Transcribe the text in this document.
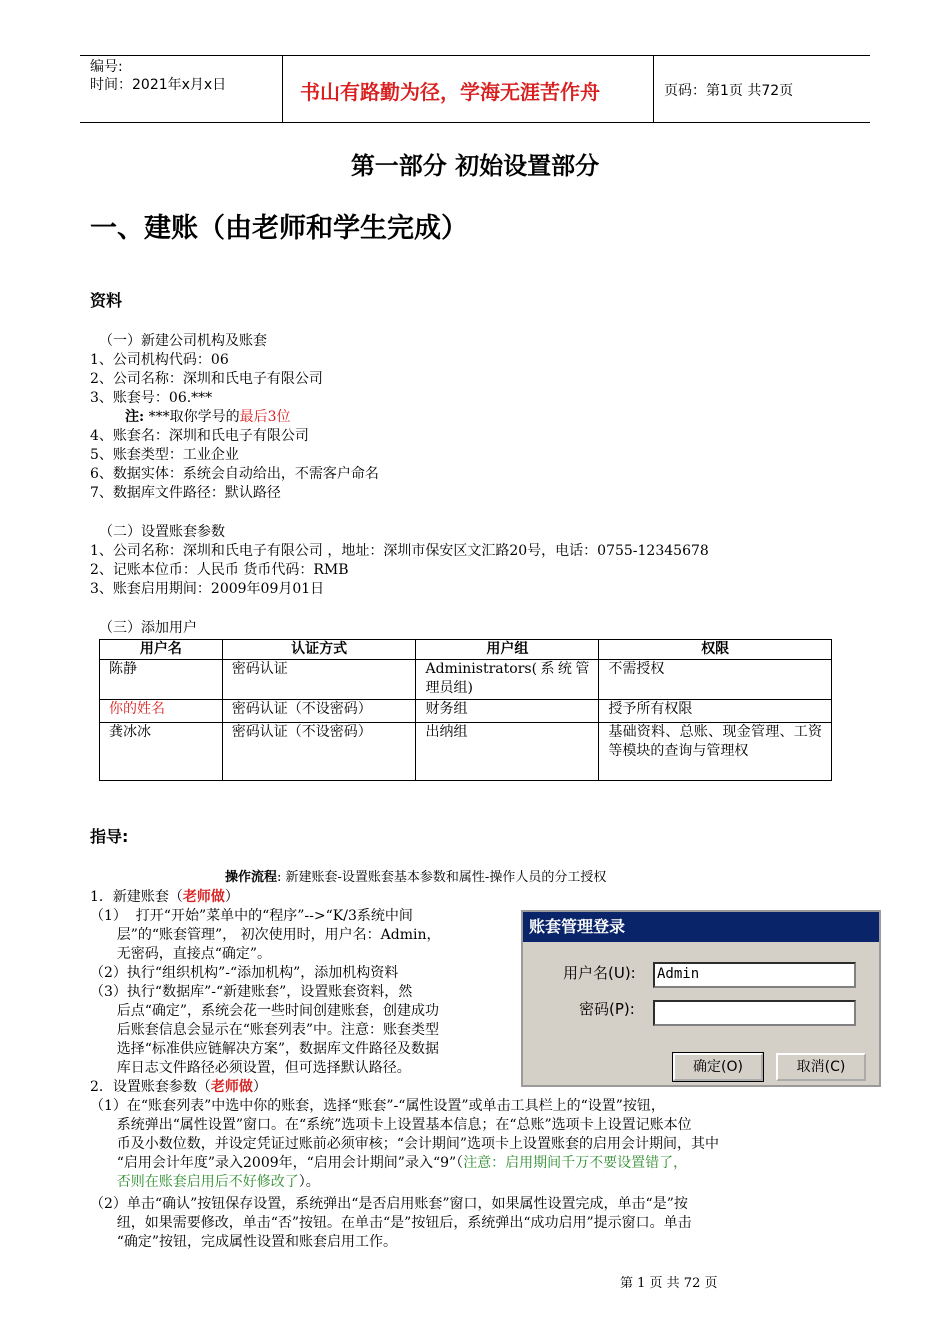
编号:
时间：2021年x月x日	书山有路勤为径，学海无涯苦作舟	页码：第1页 共72页
第一部分 初始设置部分
一、建账（由老师和学生完成）
资料
（一）新建公司机构及账套
1、公司机构代码：06
2、公司名称：深圳和氏电子有限公司
3、账套号：06.***
注: ***取你学号的最后3位
4、账套名：深圳和氏电子有限公司
5、账套类型：工业企业
6、数据实体：系统会自动给出，不需客户命名
7、数据库文件路径：默认路径
（二）设置账套参数
1、公司名称：深圳和氏电子有限公司 ，地址：深圳市保安区文汇路20号，电话：0755-12345678
2、记账本位币：人民币 货币代码：RMB
3、账套启用期间：2009年09月01日
（三）添加用户
用户名	认证方式	用户组	权限
陈静	密码认证	Administrators(系统管理员组)	不需授权
你的姓名	密码认证（不设密码）	财务组	授予所有权限
龚冰冰	密码认证（不设密码）	出纳组	基础资料、总账、现金管理、工资等模块的查询与管理权
指导:
操作流程: 新建账套-设置账套基本参数和属性-操作人员的分工授权
1．新建账套（老师做）
（1）  打开“开始”菜单中的“程序”-->“K/3系统中间
层”的“账套管理”， 初次使用时，用户名：Admin，
无密码，直接点“确定”。
（2）执行“组织机构”-“添加机构”，添加机构资料
（3）执行“数据库”-“新建账套”，设置账套资料，然
后点“确定”，系统会花一些时间创建账套，创建成功
后账套信息会显示在“账套列表”中。注意：账套类型
选择“标准供应链解决方案”，数据库文件路径及数据
库日志文件路径必须设置，但可选择默认路径。
账套管理登录
用户名(U): Admin
密码(P):
确定(O)	取消(C)
2．设置账套参数（老师做）
（1）在“账套列表”中选中你的账套，选择“账套”-“属性设置”或单击工具栏上的“设置”按钮，
系统弹出“属性设置”窗口。在“系统”选项卡上设置基本信息；在“总账”选项卡上设置记账本位
币及小数位数，并设定凭证过账前必须审核；“会计期间”选项卡上设置账套的启用会计期间，其中
“启用会计年度”录入2009年，“启用会计期间”录入“9”（注意：启用期间千万不要设置错了，
否则在账套启用后不好修改了）。
（2）单击“确认”按钮保存设置，系统弹出“是否启用账套”窗口，如果属性设置完成，单击“是”按
纽，如果需要修改，单击“否”按钮。在单击“是”按钮后，系统弹出“成功启用”提示窗口。单击
“确定”按钮，完成属性设置和账套启用工作。
第 1 页 共 72 页
